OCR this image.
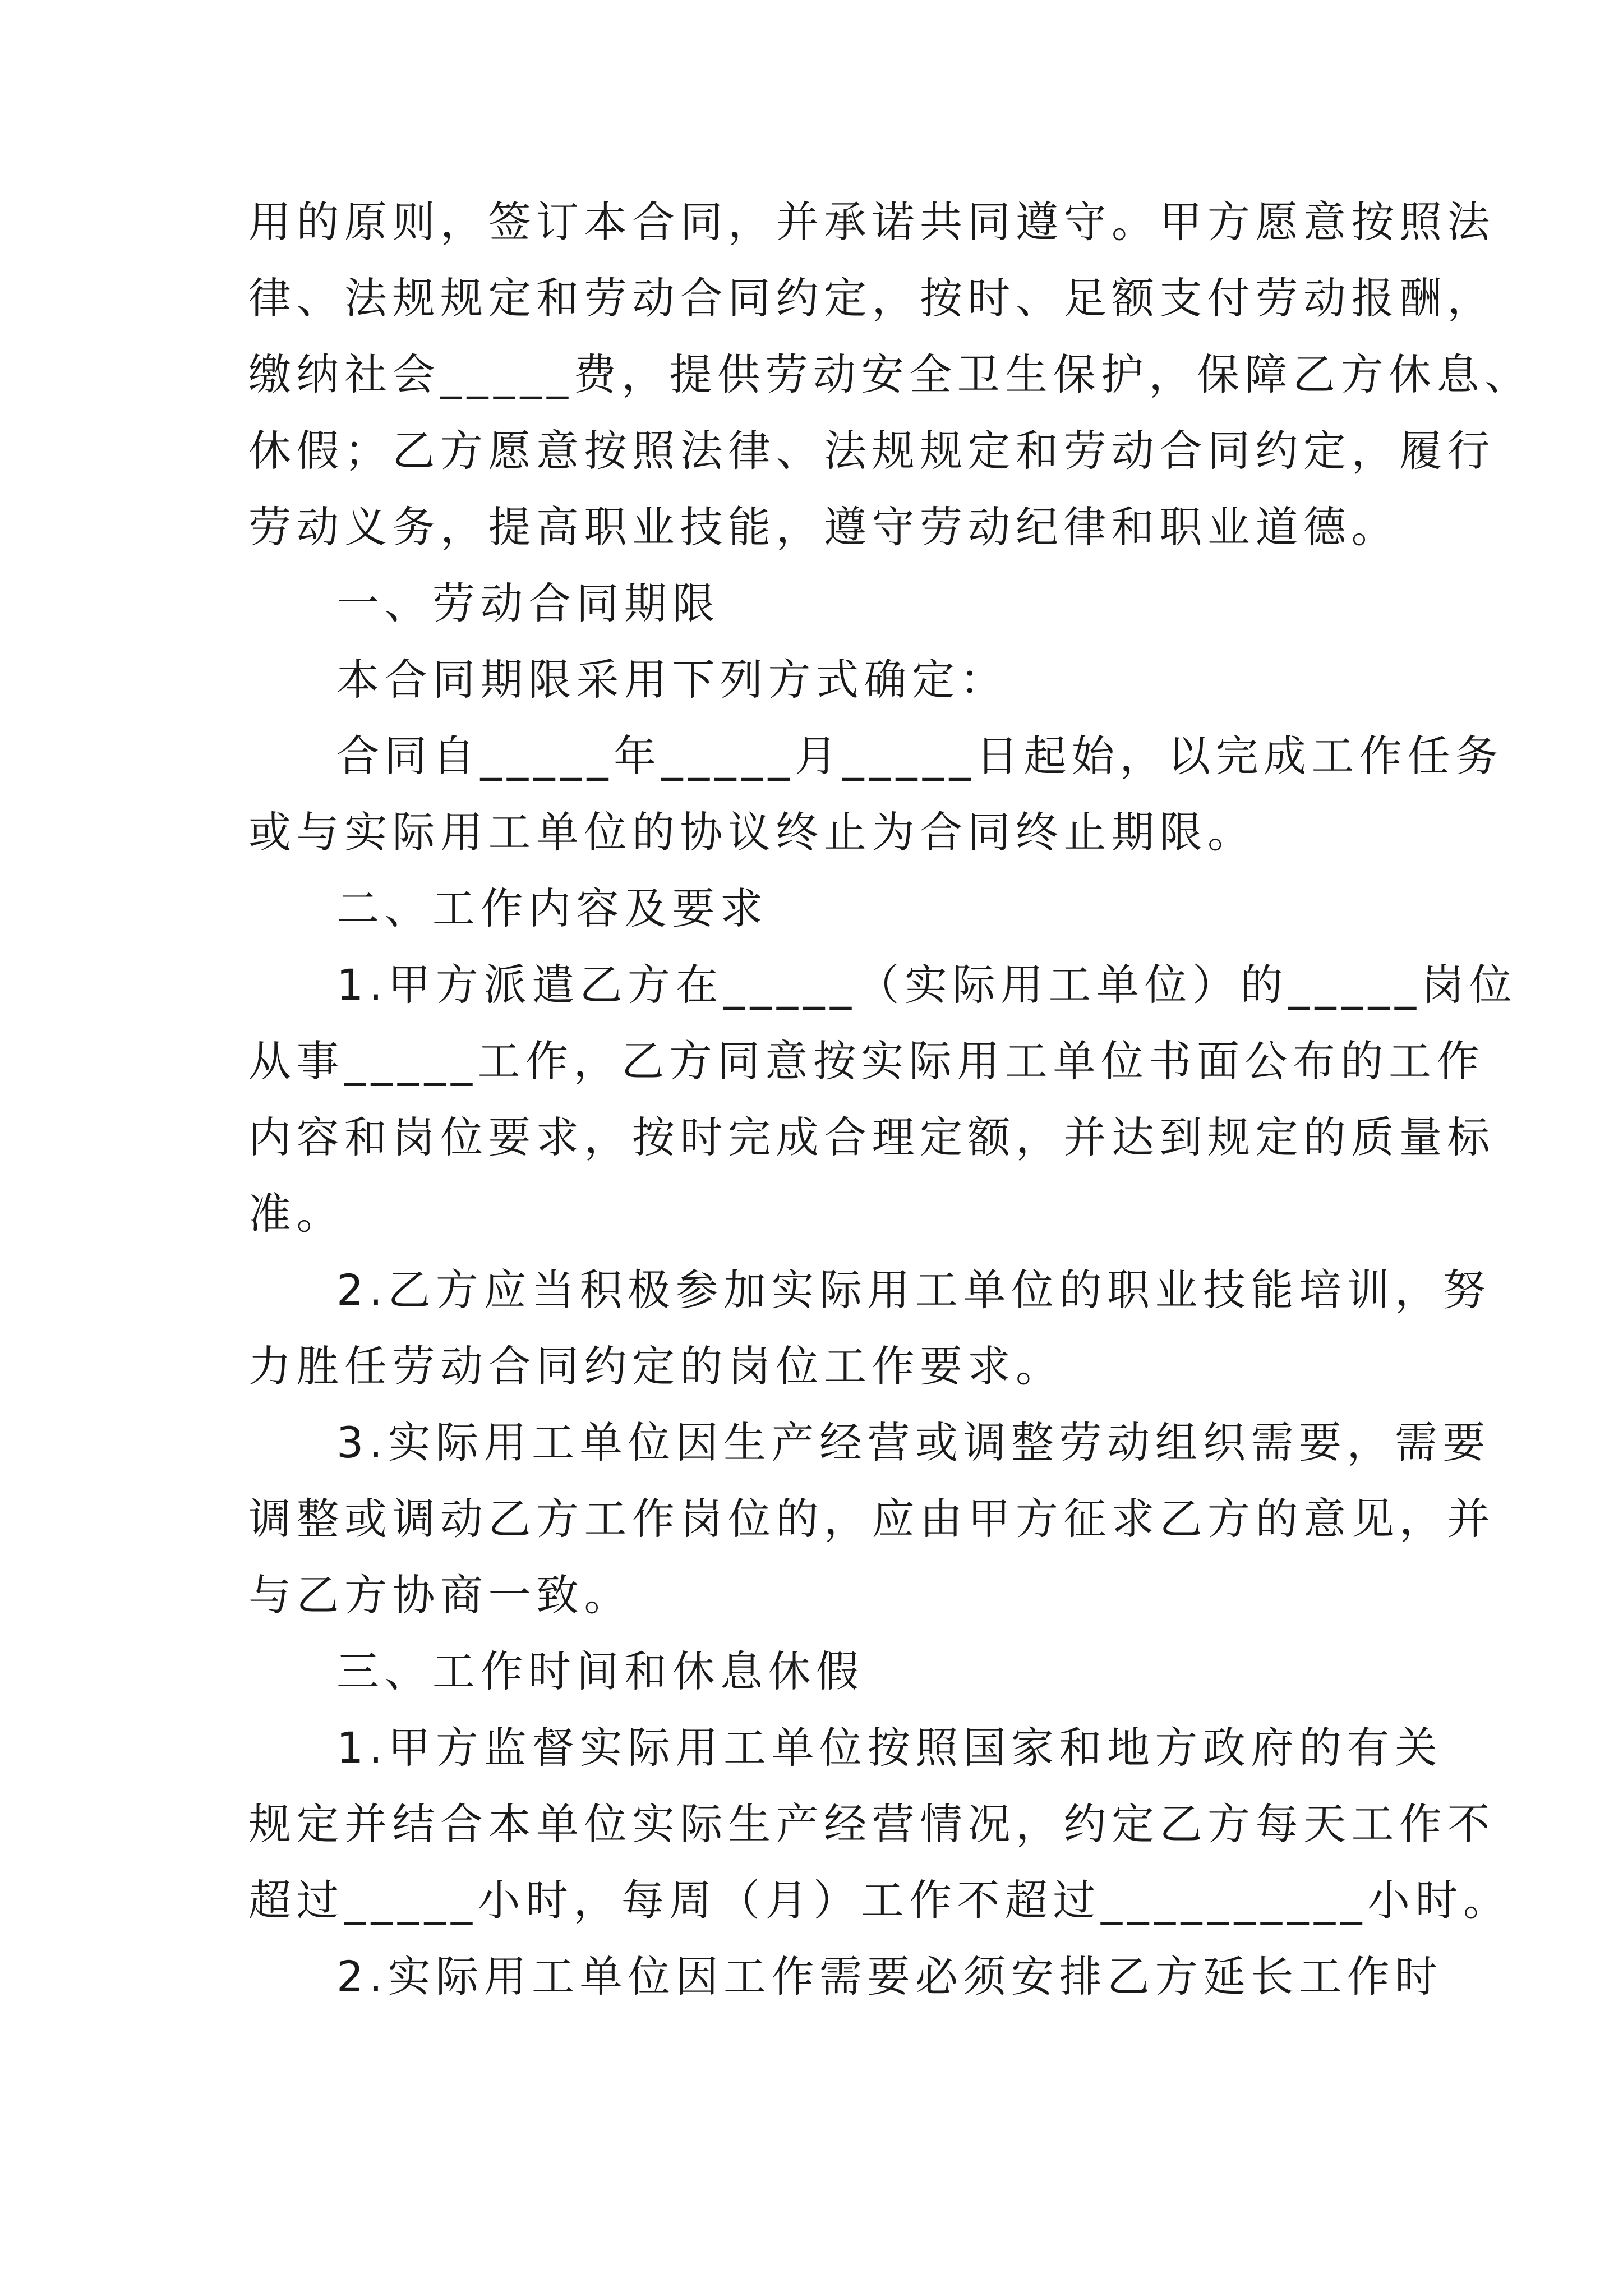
用的原则，签订本合同，并承诺共同遵守。甲方愿意按照法
律、法规规定和劳动合同约定，按时、足额支付劳动报酬，
缴纳社会_____费，提供劳动安全卫生保护，保障乙方休息、
休假；乙方愿意按照法律、法规规定和劳动合同约定，履行
劳动义务，提高职业技能，遵守劳动纪律和职业道德。
一、劳动合同期限
本合同期限采用下列方式确定：
合同自_____年_____月_____日起始，以完成工作任务
或与实际用工单位的协议终止为合同终止期限。
二、工作内容及要求
1.甲方派遣乙方在_____（实际用工单位）的_____岗位
从事_____工作，乙方同意按实际用工单位书面公布的工作
内容和岗位要求，按时完成合理定额，并达到规定的质量标
准。
2.乙方应当积极参加实际用工单位的职业技能培训，努
力胜任劳动合同约定的岗位工作要求。
3.实际用工单位因生产经营或调整劳动组织需要，需要
调整或调动乙方工作岗位的，应由甲方征求乙方的意见，并
与乙方协商一致。
三、工作时间和休息休假
1.甲方监督实际用工单位按照国家和地方政府的有关
规定并结合本单位实际生产经营情况，约定乙方每天工作不
超过_____小时，每周（月）工作不超过__________小时。
2.实际用工单位因工作需要必须安排乙方延长工作时
